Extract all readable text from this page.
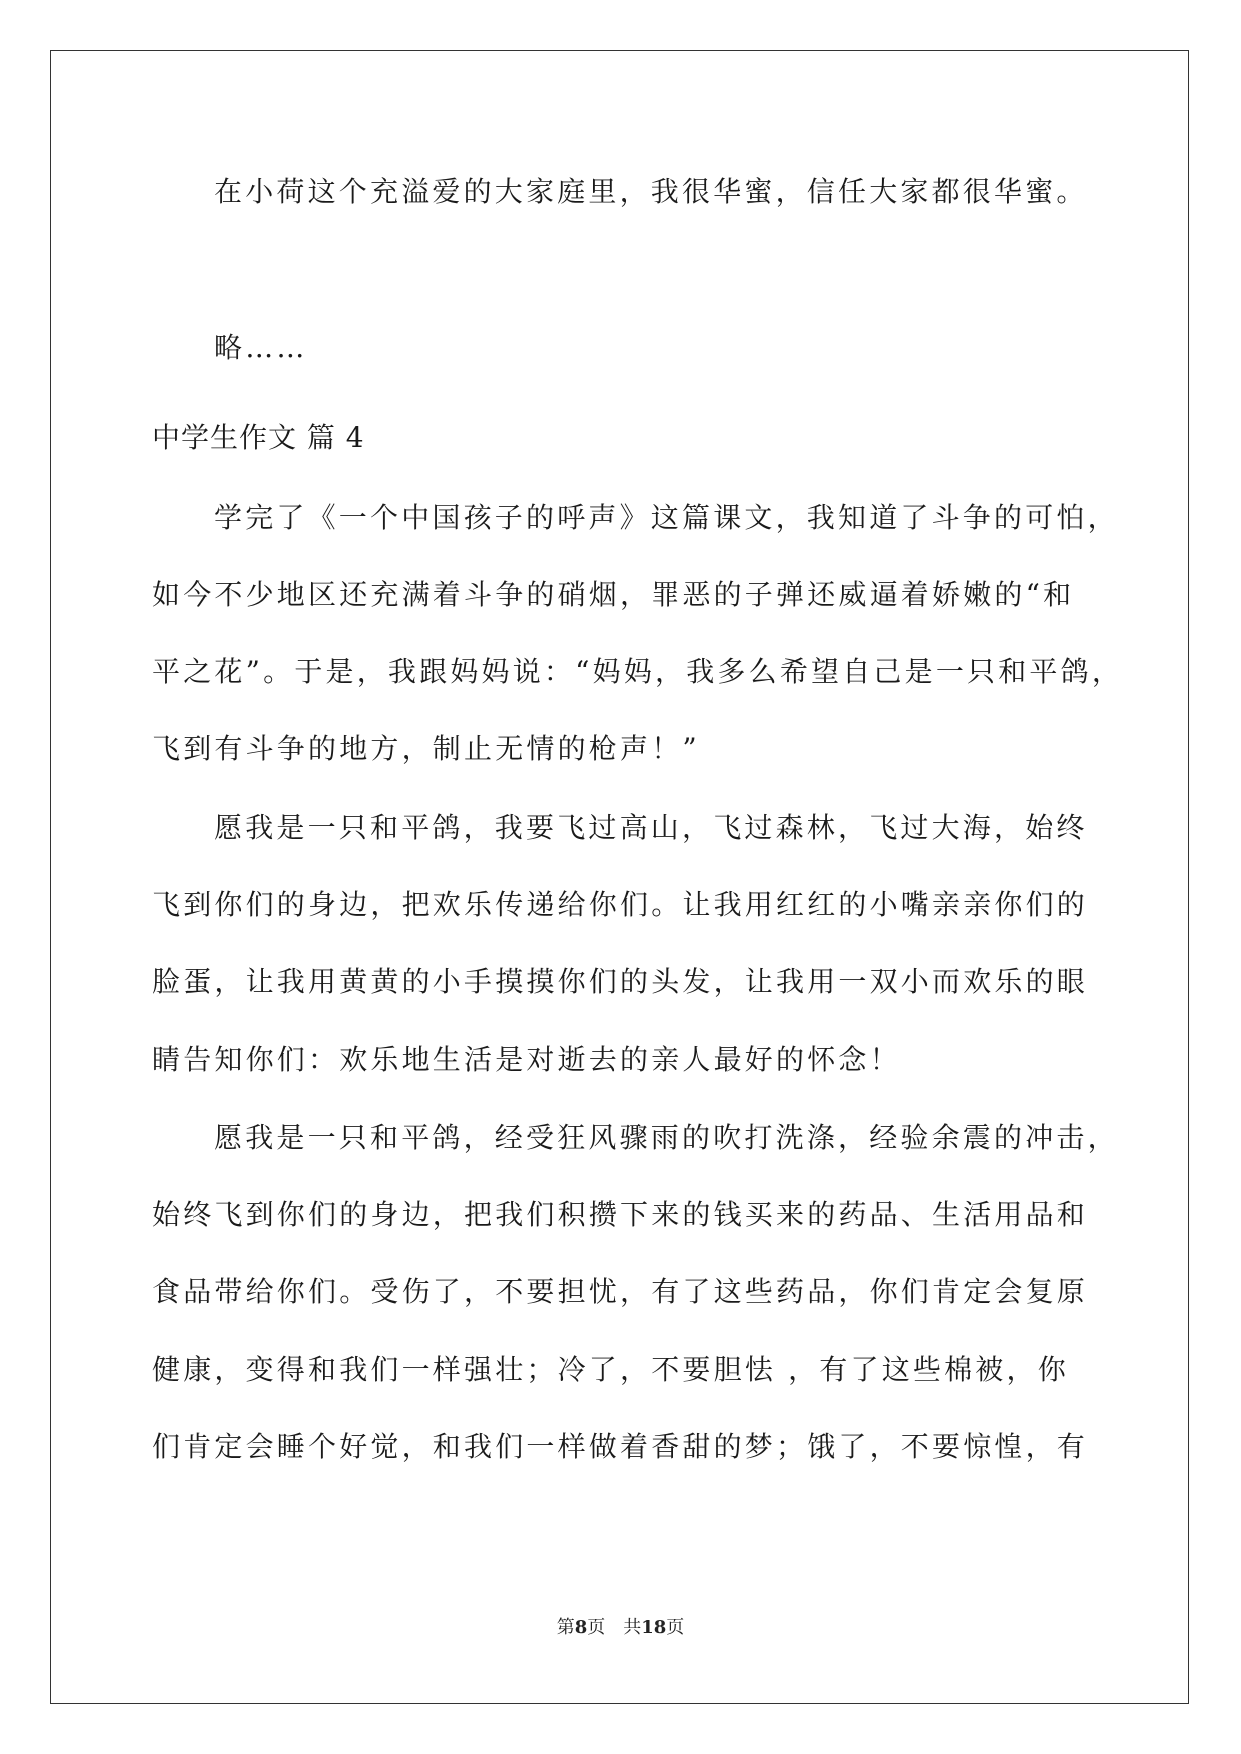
在小荷这个充溢爱的大家庭里，我很华蜜，信任大家都很华蜜。
略……
中学生作文 篇 4
学完了《一个中国孩子的呼声》这篇课文，我知道了斗争的可怕，
如今不少地区还充满着斗争的硝烟，罪恶的子弹还威逼着娇嫩的“和
平之花”。于是，我跟妈妈说：“妈妈，我多么希望自己是一只和平鸽，
飞到有斗争的地方，制止无情的枪声！”
愿我是一只和平鸽，我要飞过高山，飞过森林，飞过大海，始终
飞到你们的身边，把欢乐传递给你们。让我用红红的小嘴亲亲你们的
脸蛋，让我用黄黄的小手摸摸你们的头发，让我用一双小而欢乐的眼
睛告知你们：欢乐地生活是对逝去的亲人最好的怀念！
愿我是一只和平鸽，经受狂风骤雨的吹打洗涤，经验余震的冲击，
始终飞到你们的身边，把我们积攒下来的钱买来的药品、生活用品和
食品带给你们。受伤了，不要担忧，有了这些药品，你们肯定会复原
健康，变得和我们一样强壮；冷了，不要胆怯 ，有了这些棉被，你
们肯定会睡个好觉，和我们一样做着香甜的梦；饿了，不要惊惶，有
第8页 共18页
